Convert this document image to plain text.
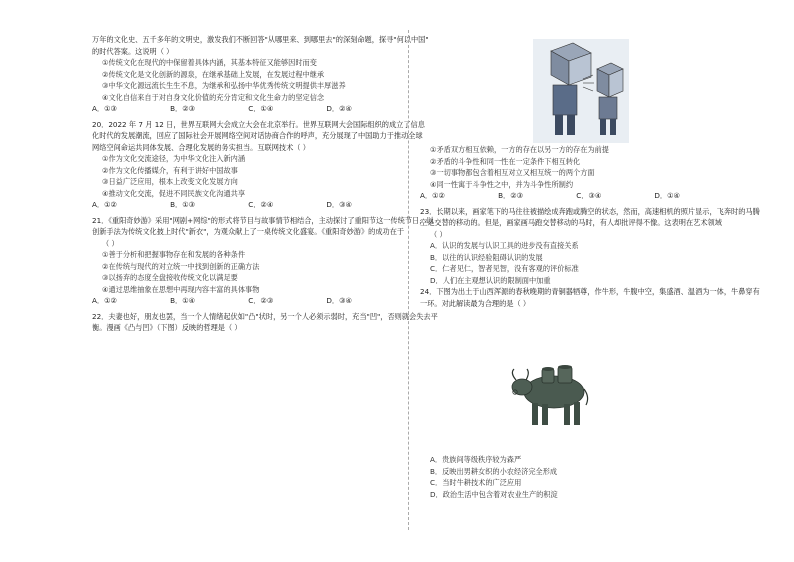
万年的文化史、五千多年的文明史，激发我们不断回答"从哪里来、到哪里去"的深刻命题，探寻"何以中国"
的时代答案。这说明（ ）
①传统文化在现代的中保留着具体内涵，其基本特征又能够因时而变
②传统文化是文化创新的源泉，在继承基础上发展，在发展过程中继承
③中华文化源远流长生生不息，为继承和弘扬中华优秀传统文明提供丰厚滋养
④文化自信来自于对自身文化价值的充分肯定和文化生命力的坚定信念
A．①③	B．②③	C．①④	D．②④
20．2022 年 7 月 12 日，世界互联网大会成立大会在北京举行。世界互联网大会国际组织的成立了信息
化时代的发展潮流，回应了国际社会开展网络空间对话协商合作的呼声，充分展现了中国助力于推动全球
网络空间命运共同体发展、合理化发展的务实担当。互联网技术（ ）
①作为文化交流途径，为中华文化注入新内涵
②作为文化传播媒介，有利于讲好中国故事
③日益广泛应用，根本上改变文化发展方向
④推动文化交流，促进不同民族文化沟通共享
A．①②	B．①③	C．②④	D．③④
21．《重阳奇妙游》采用"网剧+网综"的形式将节目与故事情节相结合，主动探讨了重阳节这一传统节日，以
创新手法为传统文化披上时代"新衣"，为观众献上了一桌传统文化盛宴。《重阳奇妙游》的成功在于
（ ）
①善于分析和把握事物存在和发展的各种条件
②在传统与现代的对立统一中找到创新的正确方法
③以扬弃的态度全盘接收传统文化以满足要
④通过思维抽象在思想中再现内容丰富的具体事物
A．①②	B．①④	C．②③	D．③④
22．夫妻也好，朋友也罢，当一个人情绪起伏如"凸"状时，另一个人必须示弱时，充当"凹"，否则就会失去平
衡。漫画《凸与凹》（下图）反映的哲理是（ ）
①矛盾双方相互依赖，一方的存在以另一方的存在为前提
②矛盾的斗争性和同一性在一定条件下相互转化
③一切事物都包含着相互对立又相互统一的两个方面
④同一性寓于斗争性之中，并为斗争性所制约
A．①②	B．②③	C．③④	D．①④
23．长期以来，画家笔下的马往往被描绘成奔跑或腾空的状态，然而，高速相机的照片显示，飞奔时的马腾
空是交替的移动的。但是，画家画马跑交替移动的马时，有人却批评得不像。这表明在艺术领域
（ ）
A．认识的发展与认识工具的进步没有直接关系
B．以往的认识经验阻碍认识的发展
C．仁者见仁，智者见智，没有客观的评价标准
D．人们在主观想认识的限制面中加重
24．下图为出土于山西浑源的春秋晚期的青铜器牺尊，作牛形，牛腹中空，集盛酒、温酒为一体，牛鼻穿有
一环。对此解读最为合理的是（ ）
A．贵族间等级秩序较为森严
B．反映出男耕女织的小农经济完全形成
C．当时牛耕技术的广泛应用
D．政治生活中包含着对农业生产的积淀
